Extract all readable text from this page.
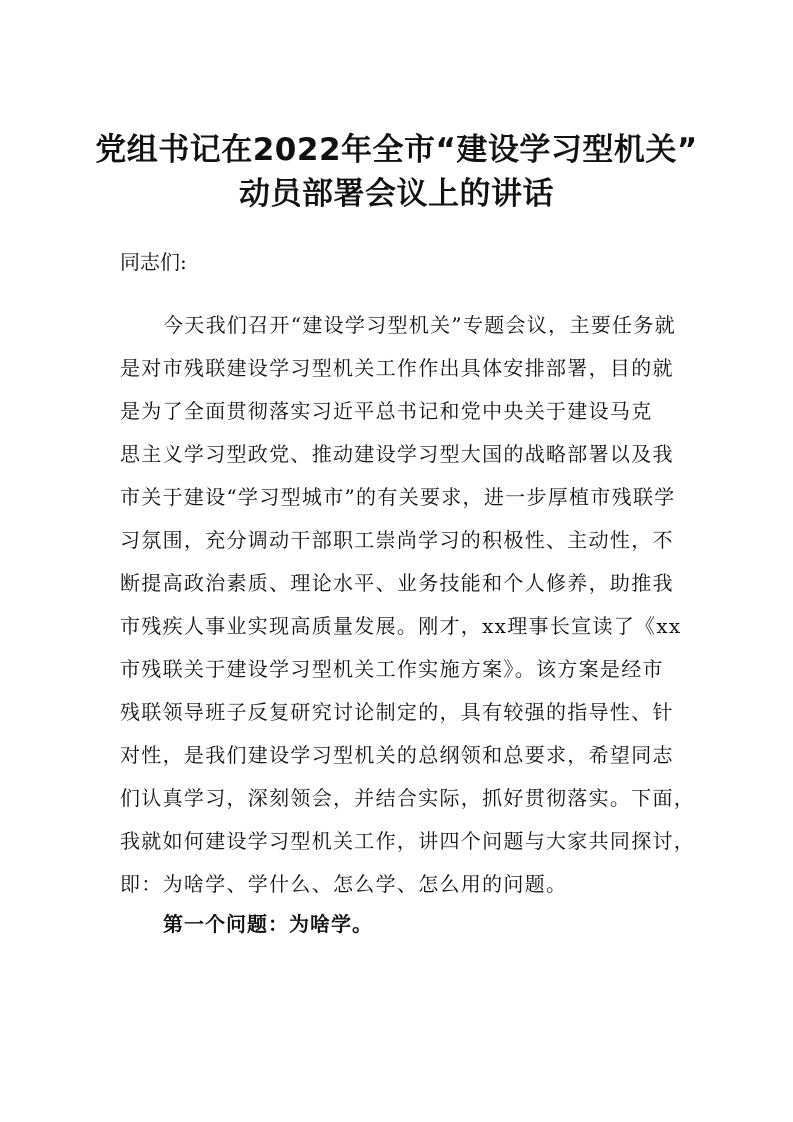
党组书记在2022年全市“建设学习型机关”
动员部署会议上的讲话
同志们:
今天我们召开“建设学习型机关”专题会议，主要任务就
是对市残联建设学习型机关工作作出具体安排部署，目的就
是为了全面贯彻落实习近平总书记和党中央关于建设马克
思主义学习型政党、推动建设学习型大国的战略部署以及我
市关于建设“学习型城市”的有关要求，进一步厚植市残联学
习氛围，充分调动干部职工崇尚学习的积极性、主动性，不
断提高政治素质、理论水平、业务技能和个人修养，助推我
市残疾人事业实现高质量发展。刚才，xx理事长宣读了《xx
市残联关于建设学习型机关工作实施方案》。该方案是经市
残联领导班子反复研究讨论制定的，具有较强的指导性、针
对性，是我们建设学习型机关的总纲领和总要求，希望同志
们认真学习，深刻领会，并结合实际，抓好贯彻落实。下面，
我就如何建设学习型机关工作，讲四个问题与大家共同探讨，
即：为啥学、学什么、怎么学、怎么用的问题。
第一个问题：为啥学。
